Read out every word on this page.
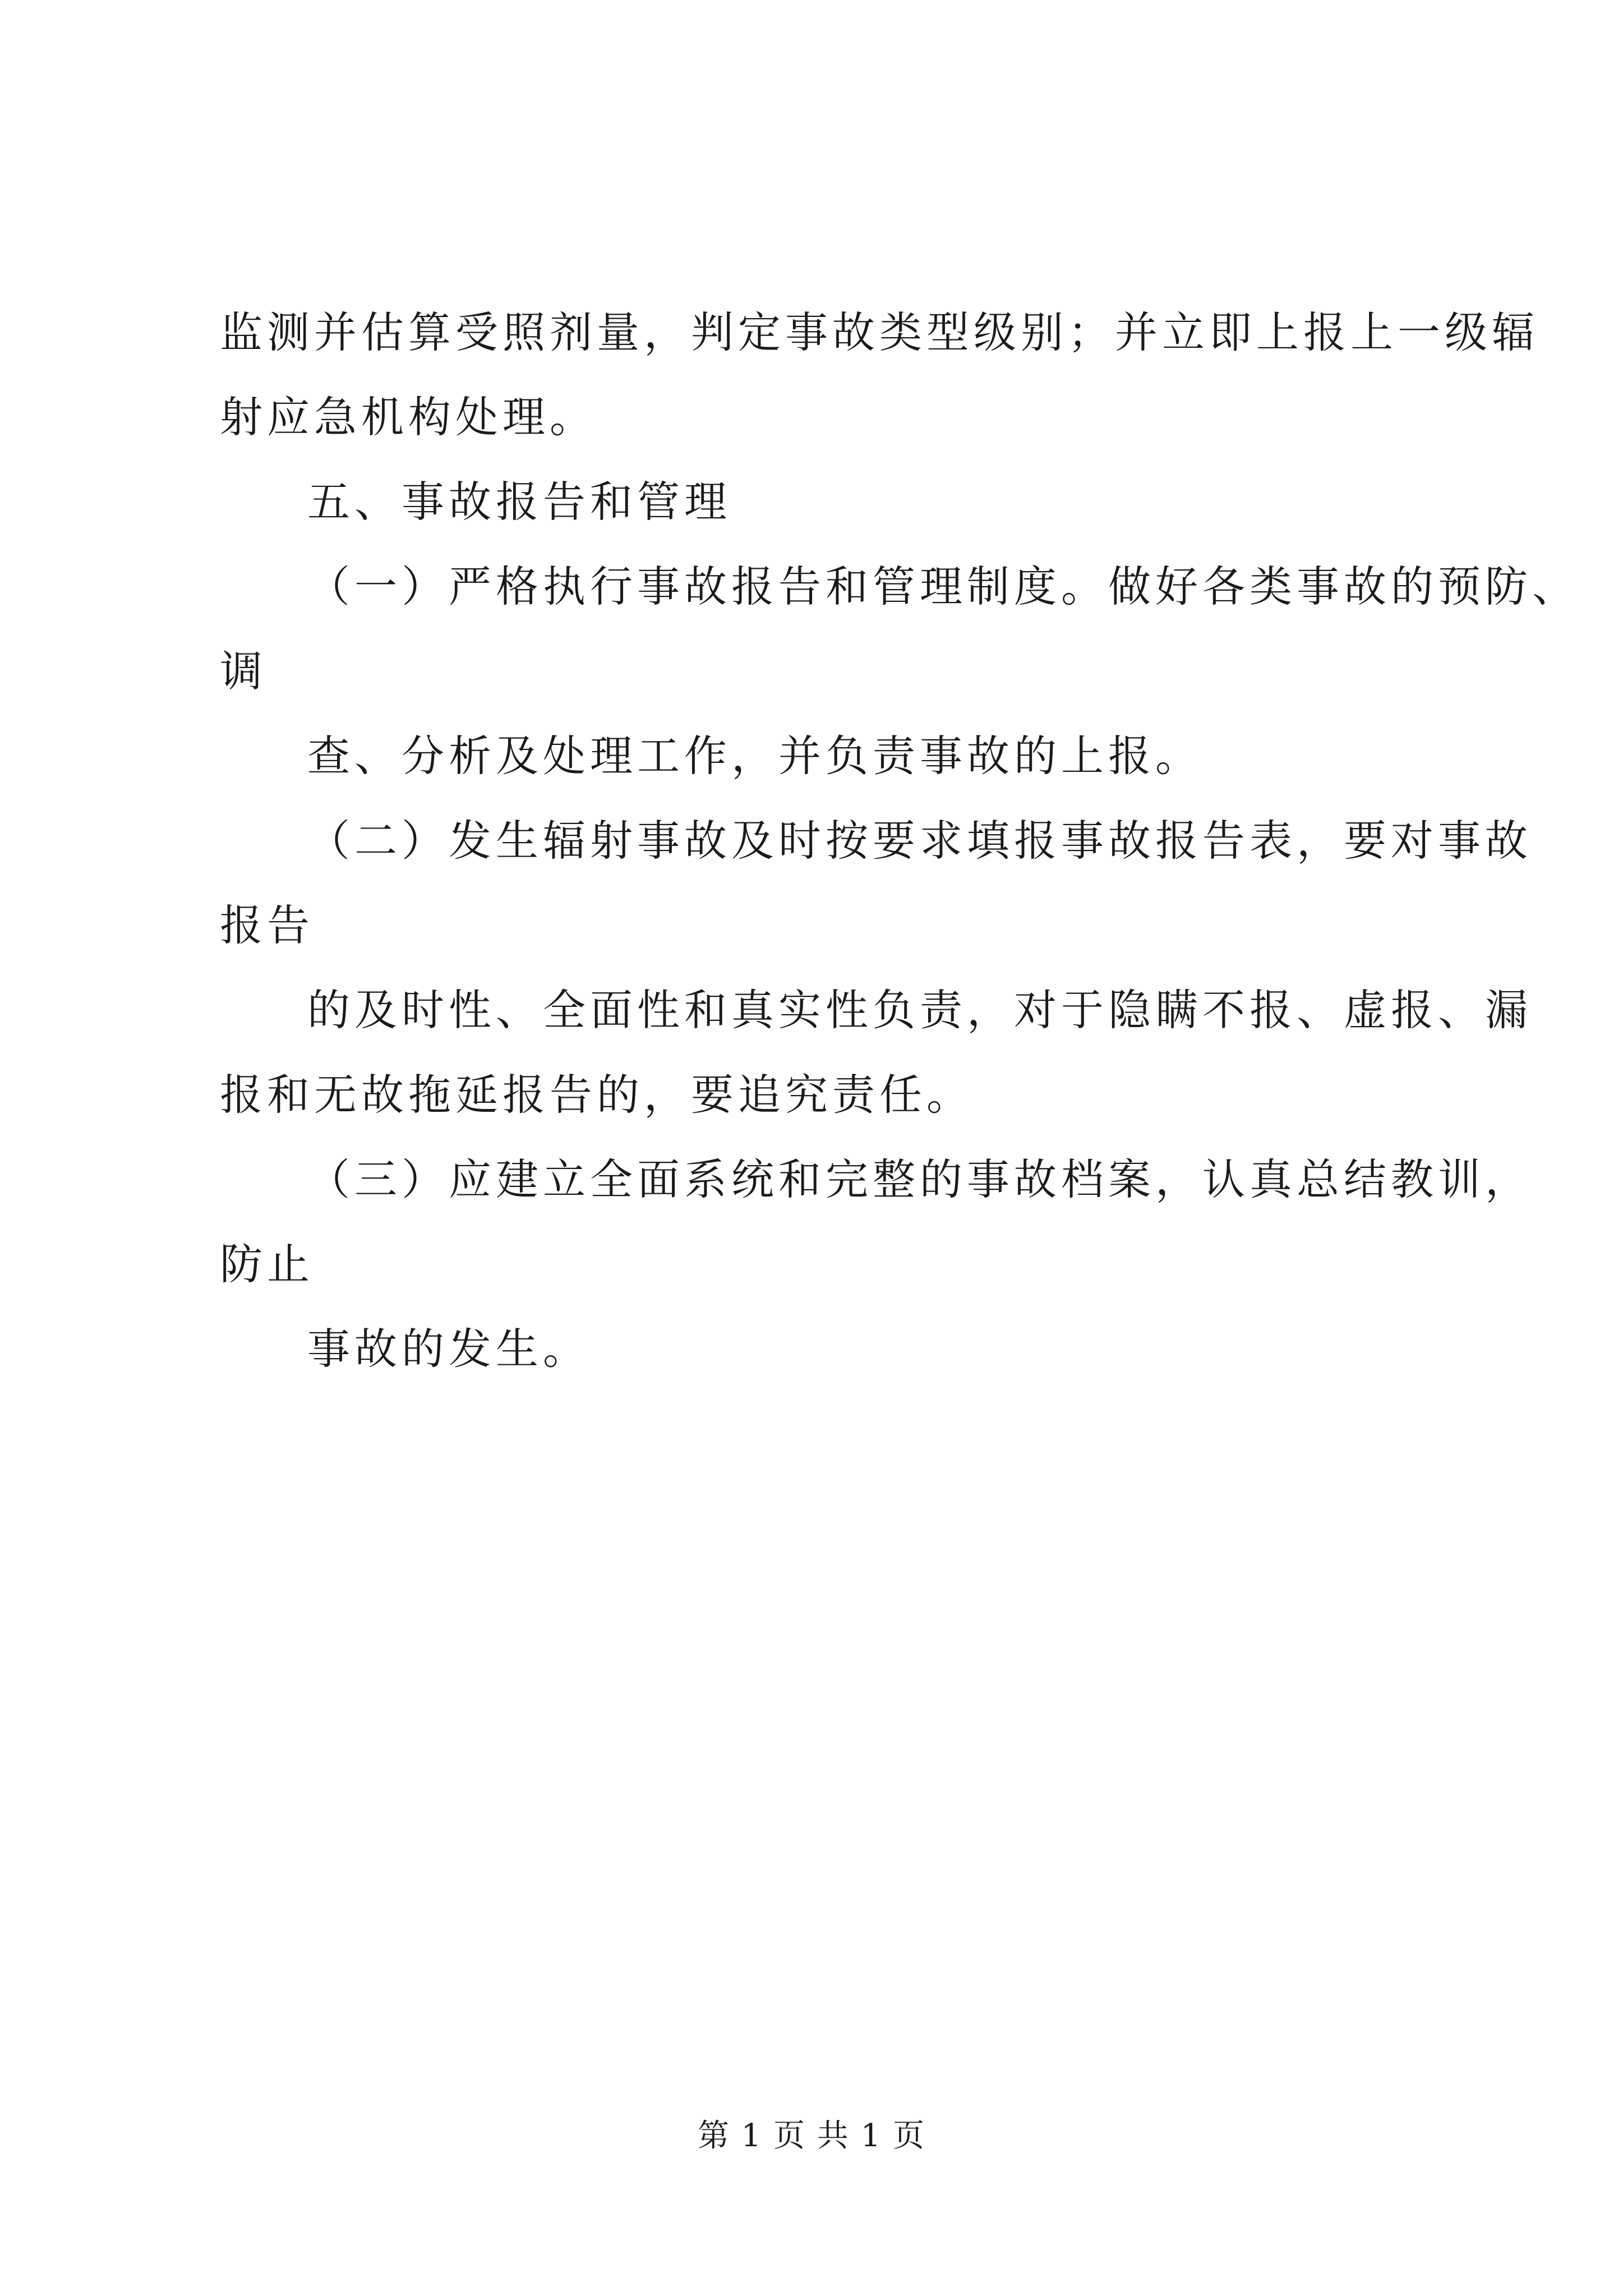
监测并估算受照剂量，判定事故类型级别；并立即上报上一级辐
射应急机构处理。
五、事故报告和管理
（一）严格执行事故报告和管理制度。做好各类事故的预防、
调
查、分析及处理工作，并负责事故的上报。
（二）发生辐射事故及时按要求填报事故报告表，要对事故
报告
的及时性、全面性和真实性负责，对于隐瞒不报、虚报、漏
报和无故拖延报告的，要追究责任。
（三）应建立全面系统和完整的事故档案，认真总结教训，
防止
事故的发生。
第 1 页 共 1 页
